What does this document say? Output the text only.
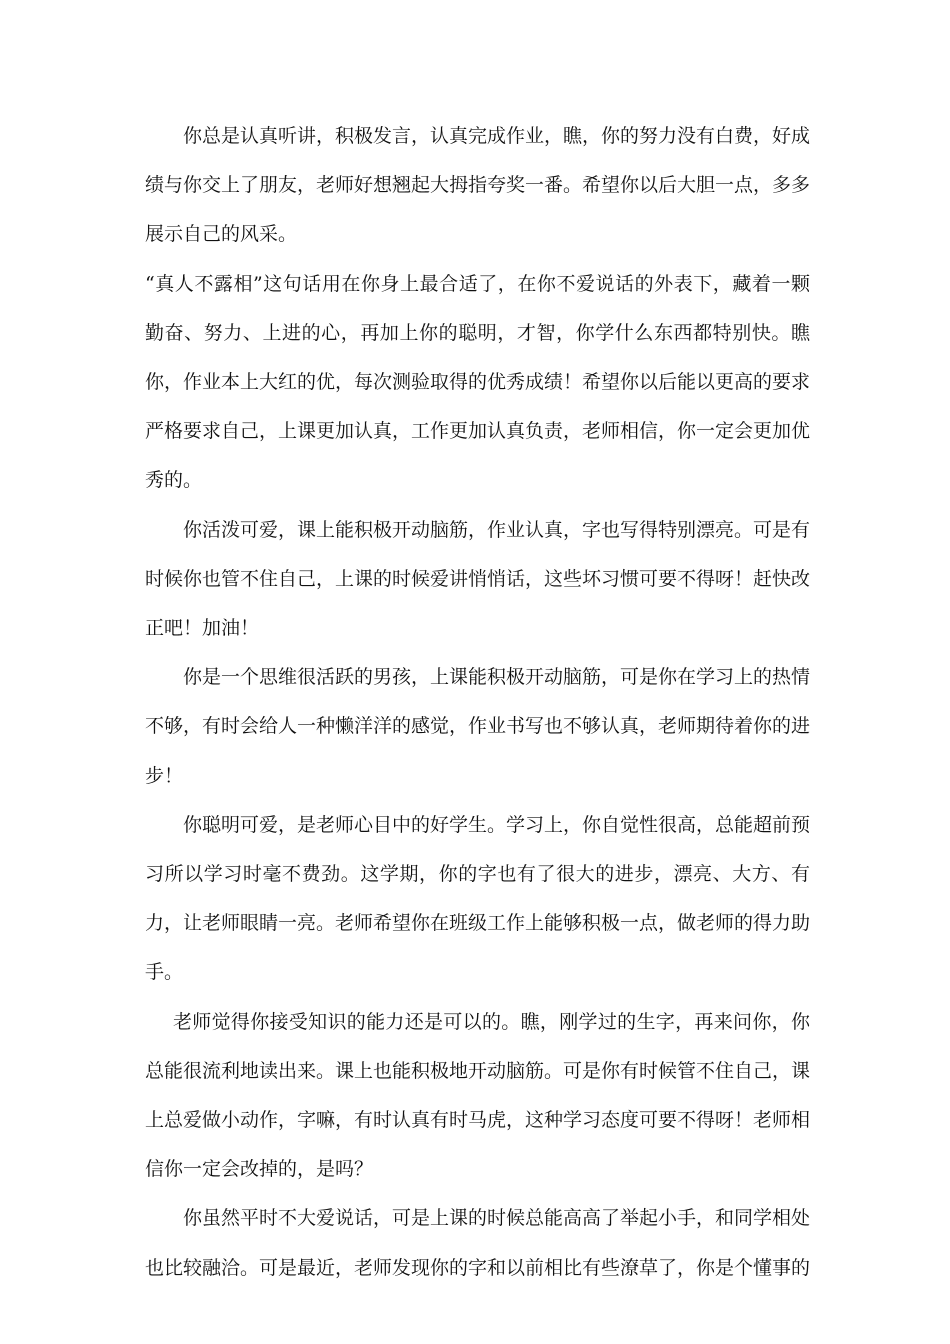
你总是认真听讲，积极发言，认真完成作业，瞧，你的努力没有白费，好成绩与你交上了朋友，老师好想翘起大拇指夸奖一番。希望你以后大胆一点，多多展示自己的风采。

“真人不露相”这句话用在你身上最合适了，在你不爱说话的外表下，藏着一颗勤奋、努力、上进的心，再加上你的聪明，才智，你学什么东西都特别快。瞧你，作业本上大红的优，每次测验取得的优秀成绩！希望你以后能以更高的要求严格要求自己，上课更加认真，工作更加认真负责，老师相信，你一定会更加优秀的。

你活泼可爱，课上能积极开动脑筋，作业认真，字也写得特别漂亮。可是有时候你也管不住自己，上课的时候爱讲悄悄话，这些坏习惯可要不得呀！赶快改正吧！加油！

你是一个思维很活跃的男孩，上课能积极开动脑筋，可是你在学习上的热情不够，有时会给人一种懒洋洋的感觉，作业书写也不够认真，老师期待着你的进步！

你聪明可爱，是老师心目中的好学生。学习上，你自觉性很高，总能超前预习所以学习时毫不费劲。这学期，你的字也有了很大的进步，漂亮、大方、有力，让老师眼睛一亮。老师希望你在班级工作上能够积极一点，做老师的得力助手。

老师觉得你接受知识的能力还是可以的。瞧，刚学过的生字，再来问你，你总能很流利地读出来。课上也能积极地开动脑筋。可是你有时候管不住自己，课上总爱做小动作，字嘛，有时认真有时马虎，这种学习态度可要不得呀！老师相信你一定会改掉的，是吗？

你虽然平时不大爱说话，可是上课的时候总能高高了举起小手，和同学相处也比较融洽。可是最近，老师发现你的字和以前相比有些潦草了，你是个懂事的
